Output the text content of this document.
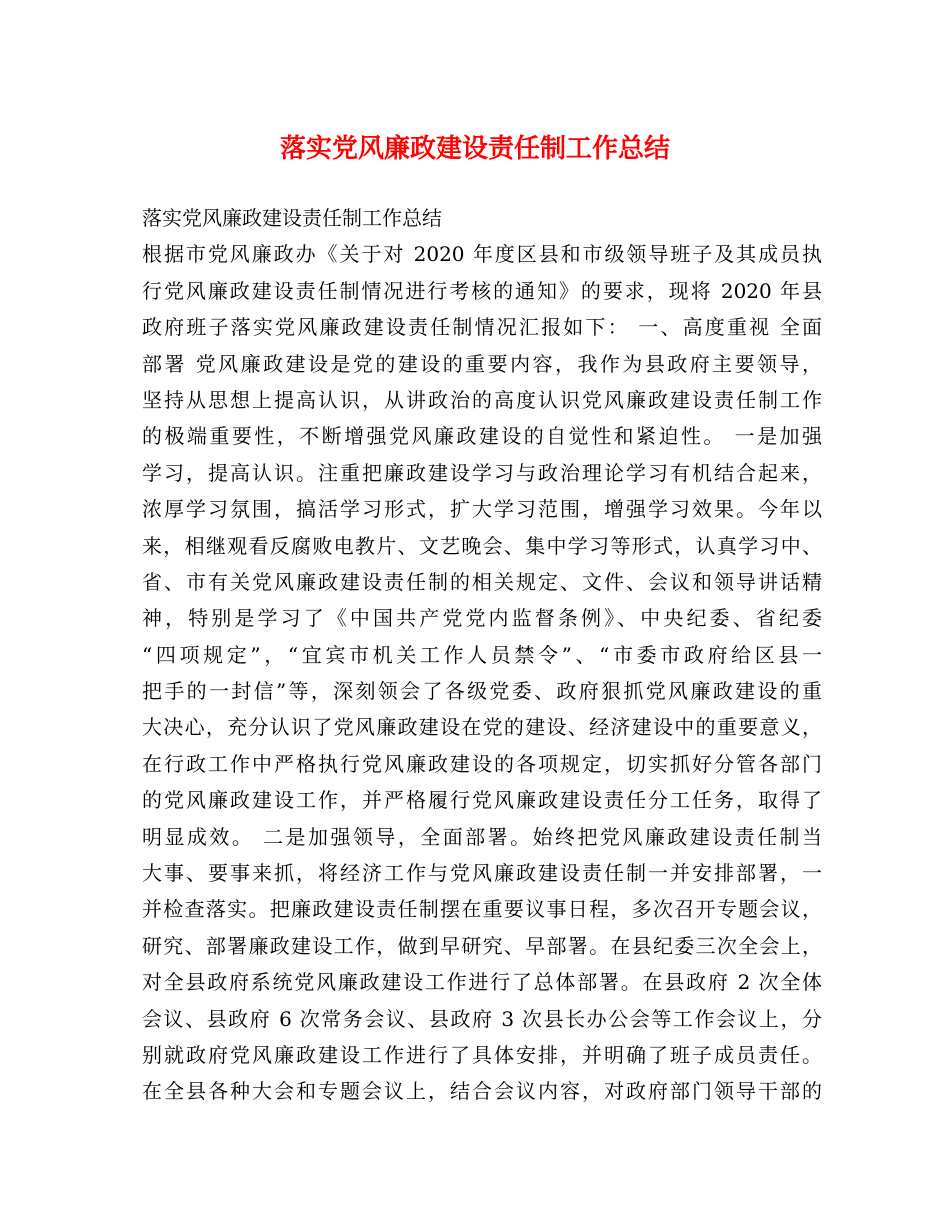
落实党风廉政建设责任制工作总结
落实党风廉政建设责任制工作总结
根据市党风廉政办《关于对 2020 年度区县和市级领导班子及其成员执
行党风廉政建设责任制情况进行考核的通知》的要求，现将 2020 年县
政府班子落实党风廉政建设责任制情况汇报如下： 一、高度重视 全面
部署 党风廉政建设是党的建设的重要内容，我作为县政府主要领导，
坚持从思想上提高认识，从讲政治的高度认识党风廉政建设责任制工作
的极端重要性，不断增强党风廉政建设的自觉性和紧迫性。 一是加强
学习，提高认识。注重把廉政建设学习与政治理论学习有机结合起来，
浓厚学习氛围，搞活学习形式，扩大学习范围，增强学习效果。今年以
来，相继观看反腐败电教片、文艺晚会、集中学习等形式，认真学习中、
省、市有关党风廉政建设责任制的相关规定、文件、会议和领导讲话精
神，特别是学习了《中国共产党党内监督条例》、中央纪委、省纪委
“四项规定”，“宜宾市机关工作人员禁令”、“市委市政府给区县一
把手的一封信”等，深刻领会了各级党委、政府狠抓党风廉政建设的重
大决心，充分认识了党风廉政建设在党的建设、经济建设中的重要意义，
在行政工作中严格执行党风廉政建设的各项规定，切实抓好分管各部门
的党风廉政建设工作，并严格履行党风廉政建设责任分工任务，取得了
明显成效。 二是加强领导，全面部署。始终把党风廉政建设责任制当
大事、要事来抓，将经济工作与党风廉政建设责任制一并安排部署，一
并检查落实。把廉政建设责任制摆在重要议事日程，多次召开专题会议，
研究、部署廉政建设工作，做到早研究、早部署。在县纪委三次全会上，
对全县政府系统党风廉政建设工作进行了总体部署。在县政府 2 次全体
会议、县政府 6 次常务会议、县政府 3 次县长办公会等工作会议上，分
别就政府党风廉政建设工作进行了具体安排，并明确了班子成员责任。
在全县各种大会和专题会议上，结合会议内容，对政府部门领导干部的
